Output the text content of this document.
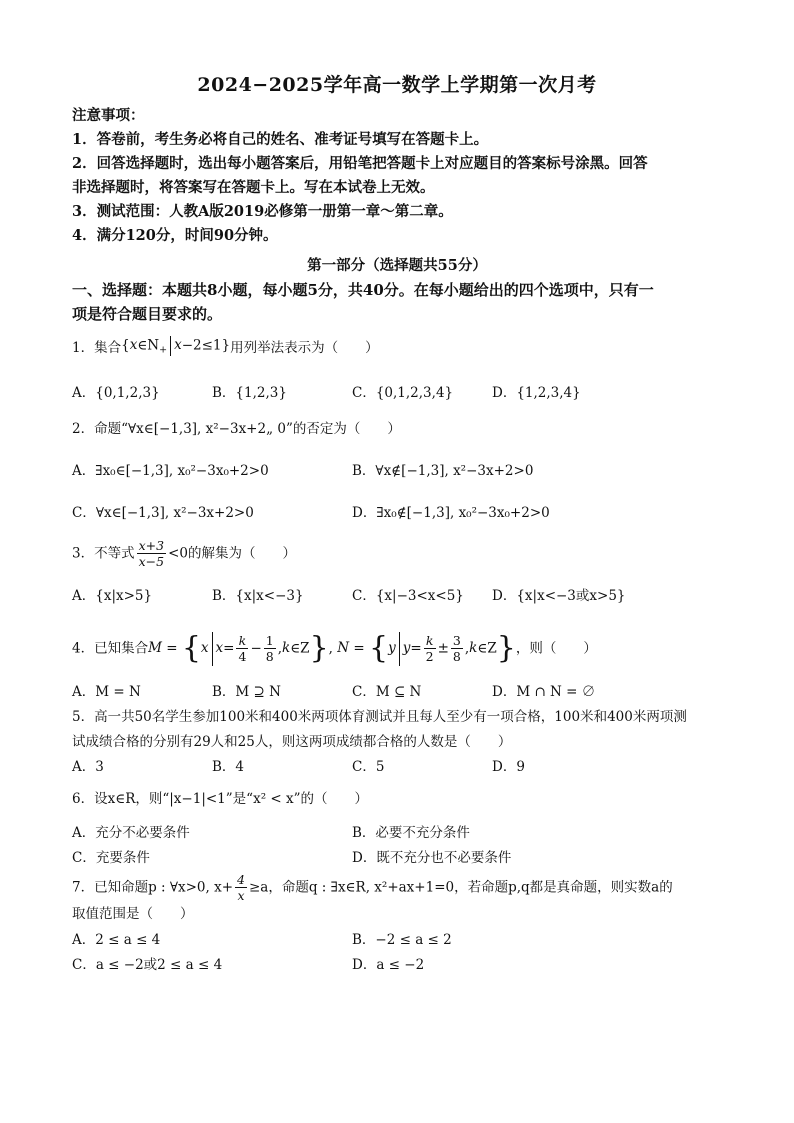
2024−2025学年高一数学上学期第一次月考
注意事项：
1．答卷前，考生务必将自己的姓名、准考证号填写在答题卡上。
2．回答选择题时，选出每小题答案后，用铅笔把答题卡上对应题目的答案标号涂黑。回答
非选择题时，将答案写在答题卡上。写在本试卷上无效。
3．测试范围：人教A版2019必修第一册第一章～第二章。
4．满分120分，时间90分钟。
第一部分（选择题共55分）
一、选择题：本题共8小题，每小题5分，共40分。在每小题给出的四个选项中，只有一
项是符合题目要求的。
1．集合{$x\in N_+$ x−2≤1}用列举法表示为（　　）
A．{0,1,2,3}	B．{1,2,3}	C．{0,1,2,3,4}	D．{1,2,3,4}
2．命题“∀x∈[−1,3], x²−3x+2„ 0”的否定为（　　）
A．∃x₀∈[−1,3], x₀²−3x₀+2>0	B．∀x∉[−1,3], x²−3x+2>0
C．∀x∈[−1,3], x²−3x+2>0	D．∃x₀∉[−1,3], x₀²−3x₀+2>0
3．不等式 $\frac{x+3}{x-5} <0$的解集为（　　）
A．{x|x>5}	B．{x|x<−3}	C．{x|−3<x<5} D．{x|x<−3或x>5}
4．已知集合M = {x $x= \frac{k}{4} - \frac{1}{8}$ ,k∈Z}, N = {y $y= \frac{k}{2} \pm \frac{3}{8}$ ,k∈Z}，则（　　）
A．M = N	B．M ⊇ N	C．M ⊆ N	D．M ∩ N = ∅
5．高一共50名学生参加100米和400米两项体育测试并且每人至少有一项合格，100米和400米两项测
试成绩合格的分别有29人和25人，则这两项成绩都合格的人数是（　　）
A．3	B．4	C．5	D．9
6．设x∈R，则“|x−1|<1”是“x² < x”的（　　）
A．充分不必要条件	B．必要不充分条件
C．充要条件	D．既不充分也不必要条件
7．已知命题p : ∀x>0, $x+ \frac{4}{x} \ge a$，命题q : ∃x∈R, x²+ax+1=0，若命题p,q都是真命题，则实数a的
取值范围是（　　）
A．2 ≤ a ≤ 4	B．−2 ≤ a ≤ 2
C．a ≤ −2或2 ≤ a ≤ 4	D．a ≤ −2
